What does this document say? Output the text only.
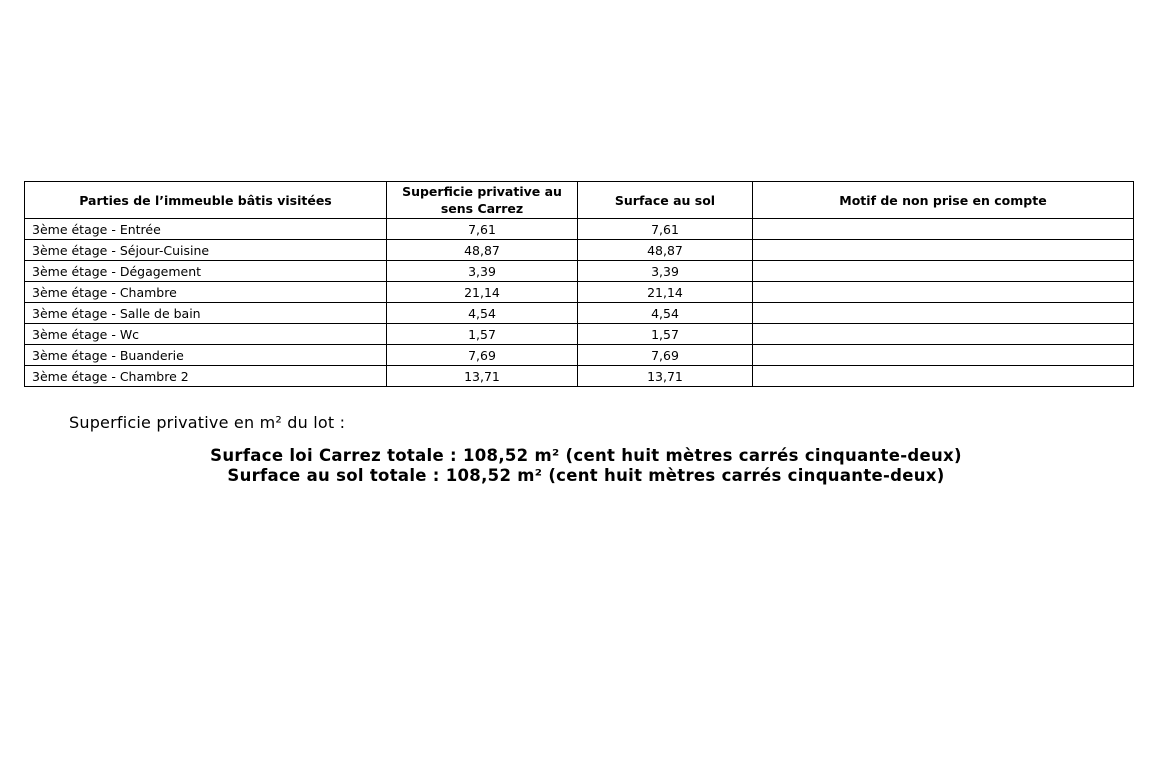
Parties de l’immeuble bâtis visitées	Superficie privative au sens Carrez	Surface au sol	Motif de non prise en compte
3ème étage - Entrée	7,61	7,61	
3ème étage - Séjour-Cuisine	48,87	48,87	
3ème étage - Dégagement	3,39	3,39	
3ème étage - Chambre	21,14	21,14	
3ème étage - Salle de bain	4,54	4,54	
3ème étage - Wc	1,57	1,57	
3ème étage - Buanderie	7,69	7,69	
3ème étage - Chambre 2	13,71	13,71	
Superficie privative en m² du lot :
Surface loi Carrez totale : 108,52 m² (cent huit mètres carrés cinquante-deux)
Surface au sol totale : 108,52 m² (cent huit mètres carrés cinquante-deux)
